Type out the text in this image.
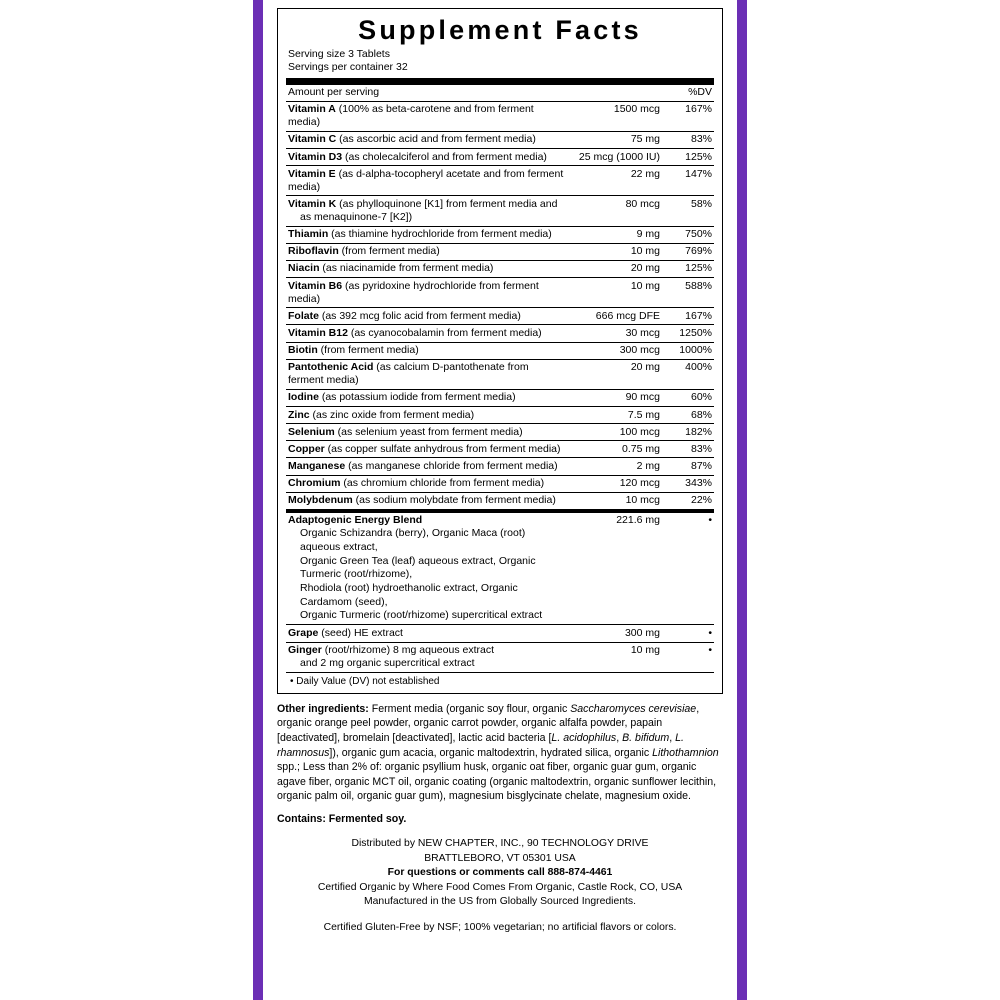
Supplement Facts
Serving size 3 Tablets
Servings per container 32
Amount per serving		%DV
Vitamin A (100% as beta-carotene and from ferment media)	1500 mcg	167%
Vitamin C (as ascorbic acid and from ferment media)	75 mg	83%
Vitamin D3 (as cholecalciferol and from ferment media)	25 mcg (1000 IU)	125%
Vitamin E (as d-alpha-tocopheryl acetate and from ferment media)	22 mg	147%
Vitamin K (as phylloquinone [K1] from ferment media and
as menaquinone-7 [K2])	80 mcg	58%
Thiamin (as thiamine hydrochloride from ferment media)	9 mg	750%
Riboflavin (from ferment media)	10 mg	769%
Niacin (as niacinamide from ferment media)	20 mg	125%
Vitamin B6 (as pyridoxine hydrochloride from ferment media)	10 mg	588%
Folate (as 392 mcg folic acid from ferment media)	666 mcg DFE	167%
Vitamin B12 (as cyanocobalamin from ferment media)	30 mcg	1250%
Biotin (from ferment media)	300 mcg	1000%
Pantothenic Acid (as calcium D-pantothenate from ferment media)	20 mg	400%
Iodine (as potassium iodide from ferment media)	90 mcg	60%
Zinc (as zinc oxide from ferment media)	7.5 mg	68%
Selenium (as selenium yeast from ferment media)	100 mcg	182%
Copper (as copper sulfate anhydrous from ferment media)	0.75 mg	83%
Manganese (as manganese chloride from ferment media)	2 mg	87%
Chromium (as chromium chloride from ferment media)	120 mcg	343%
Molybdenum (as sodium molybdate from ferment media)	10 mcg	22%
Adaptogenic Energy Blend
Organic Schizandra (berry), Organic Maca (root) aqueous extract,
Organic Green Tea (leaf) aqueous extract, Organic Turmeric (root/rhizome),
Rhodiola (root) hydroethanolic extract, Organic Cardamom (seed),
Organic Turmeric (root/rhizome) supercritical extract	221.6 mg	•
Grape (seed) HE extract	300 mg	•
Ginger (root/rhizome) 8 mg aqueous extract
and 2 mg organic supercritical extract	10 mg	•
• Daily Value (DV) not established
Other ingredients: Ferment media (organic soy flour, organic Saccharomyces cerevisiae, organic orange peel powder, organic carrot powder, organic alfalfa powder, papain [deactivated], bromelain [deactivated], lactic acid bacteria [L. acidophilus, B. bifidum, L. rhamnosus]), organic gum acacia, organic maltodextrin, hydrated silica, organic Lithothamnion spp.; Less than 2% of: organic psyllium husk, organic oat fiber, organic guar gum, organic agave fiber, organic MCT oil, organic coating (organic maltodextrin, organic sunflower lecithin, organic palm oil, organic guar gum), magnesium bisglycinate chelate, magnesium oxide.
Contains: Fermented soy.
Distributed by NEW CHAPTER, INC., 90 TECHNOLOGY DRIVE
BRATTLEBORO, VT 05301 USA
For questions or comments call 888-874-4461
Certified Organic by Where Food Comes From Organic, Castle Rock, CO, USA
Manufactured in the US from Globally Sourced Ingredients.
Certified Gluten-Free by NSF; 100% vegetarian; no artificial flavors or colors.
